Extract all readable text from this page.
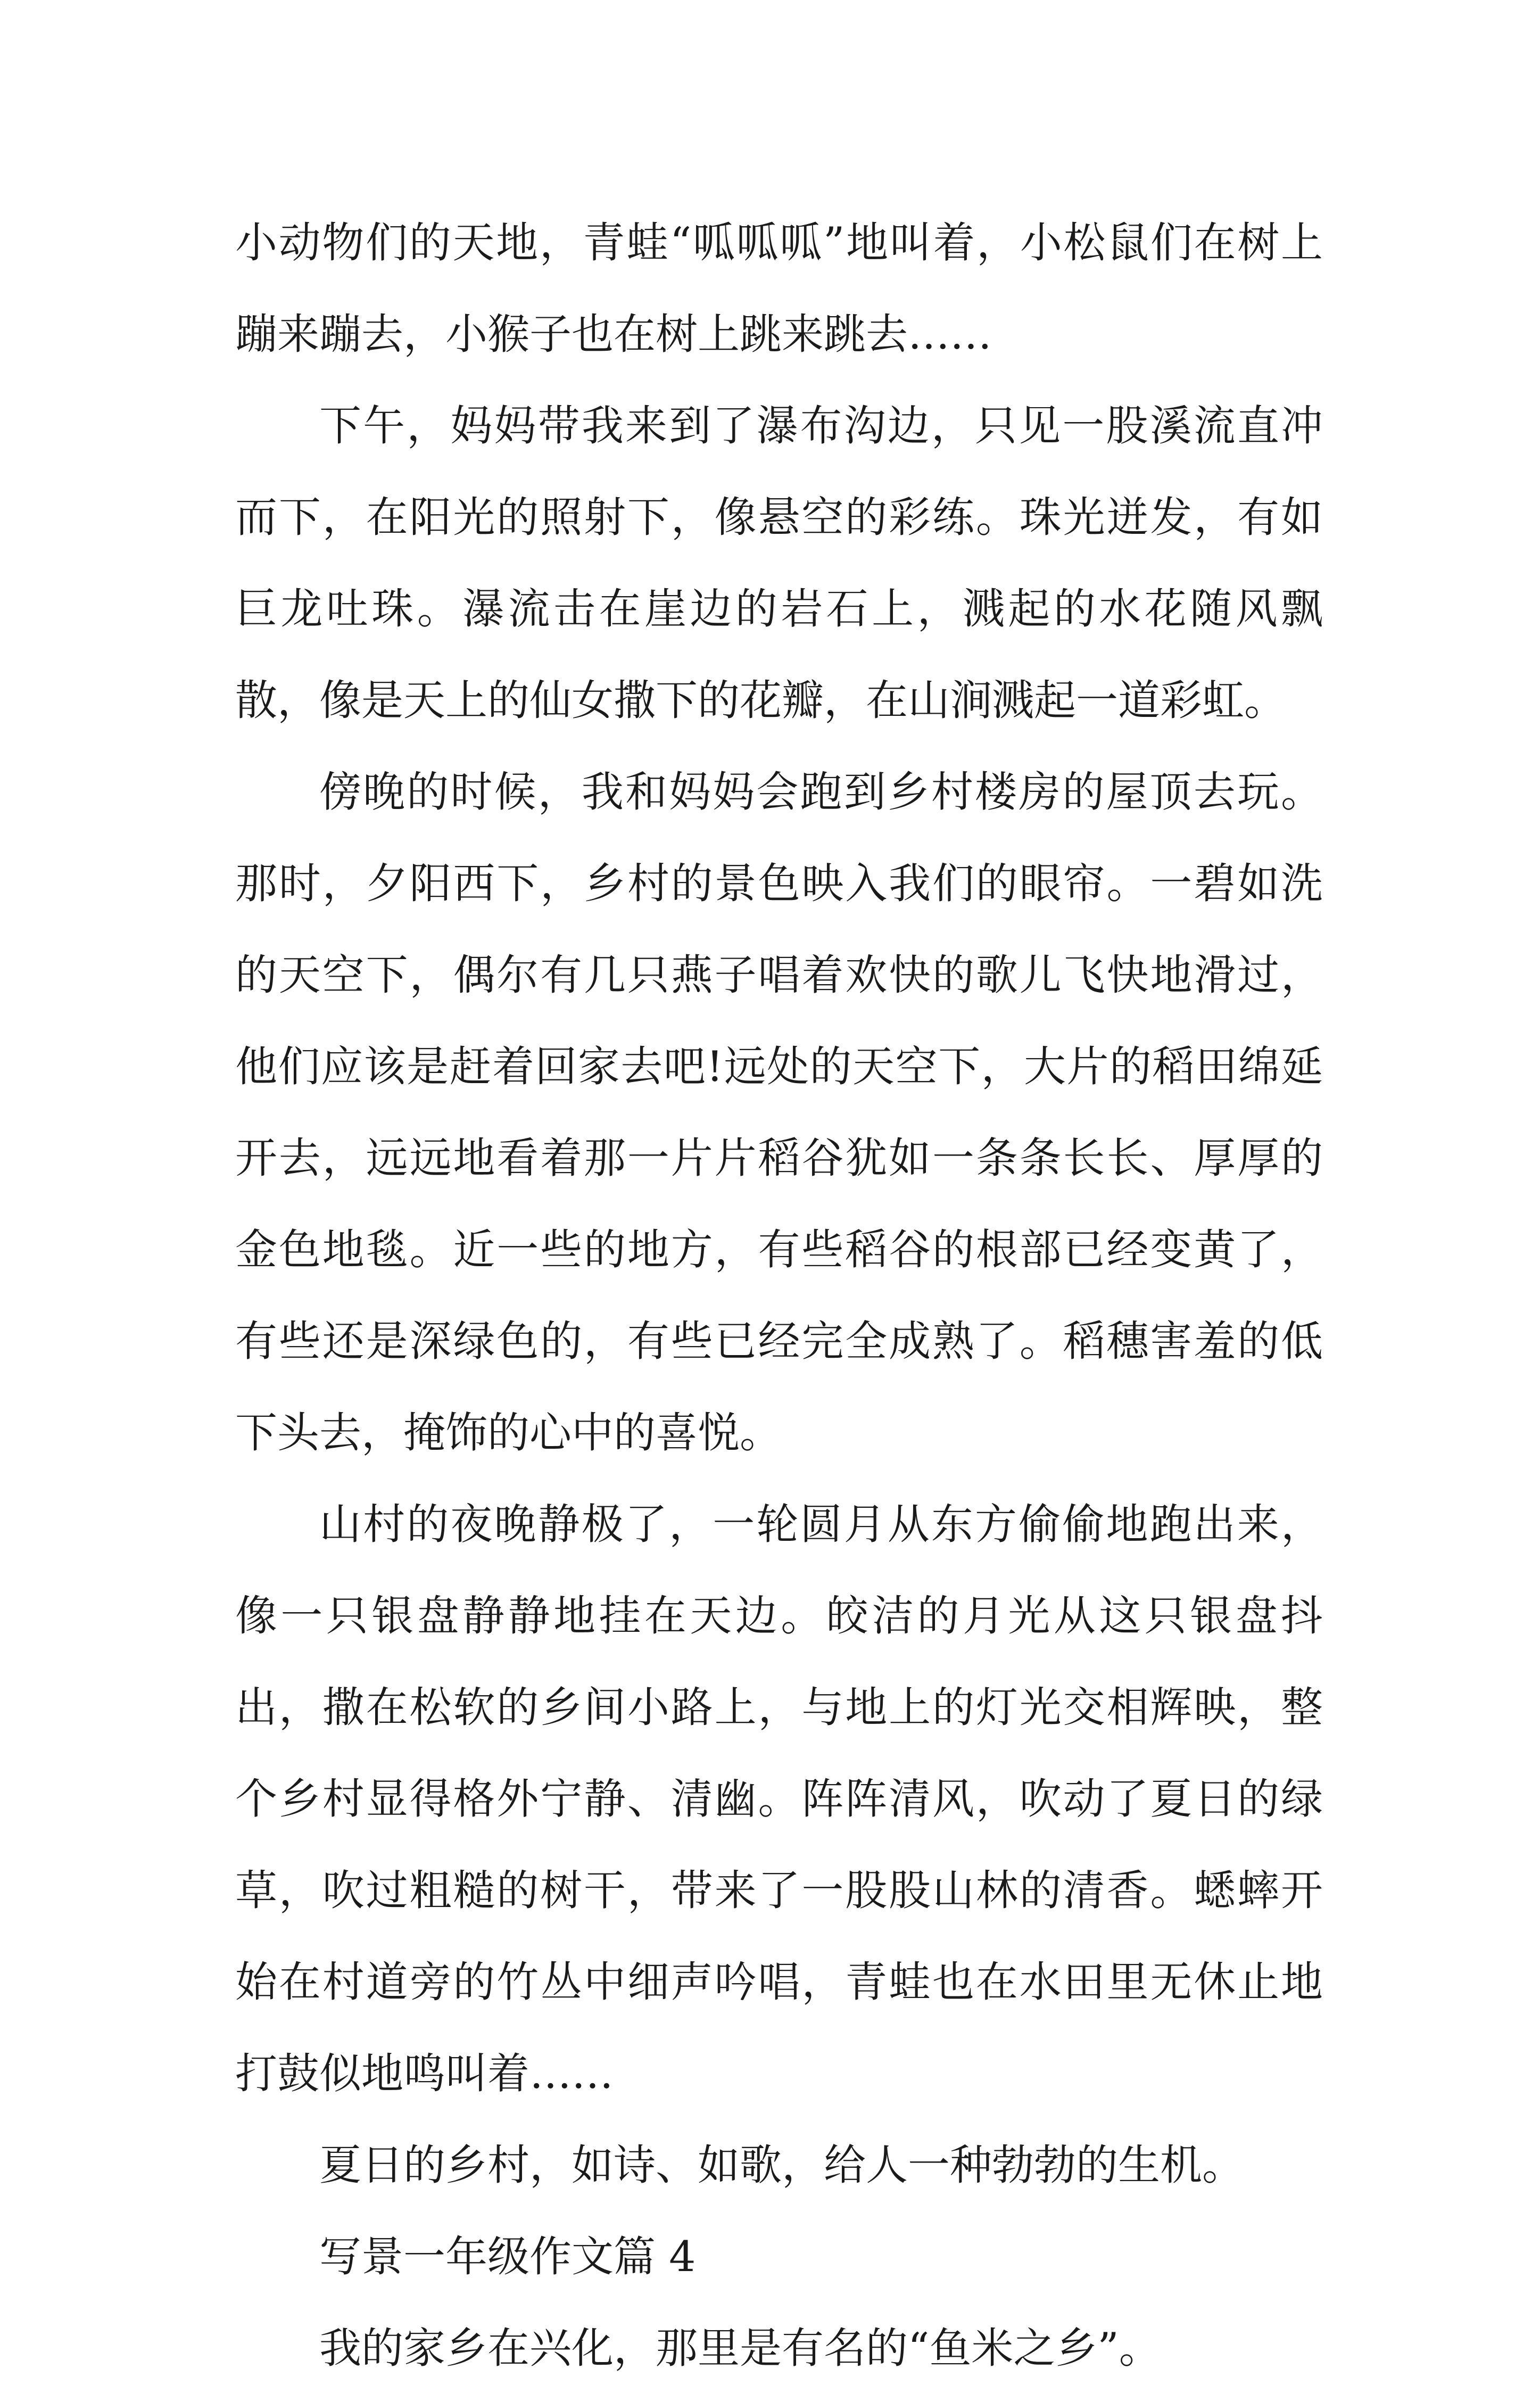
小动物们的天地，青蛙“呱呱呱”地叫着，小松鼠们在树上蹦来蹦去，小猴子也在树上跳来跳去……

下午，妈妈带我来到了瀑布沟边，只见一股溪流直冲而下，在阳光的照射下，像悬空的彩练。珠光迸发，有如巨龙吐珠。瀑流击在崖边的岩石上，溅起的水花随风飘散，像是天上的仙女撒下的花瓣，在山涧溅起一道彩虹。

傍晚的时候，我和妈妈会跑到乡村楼房的屋顶去玩。那时，夕阳西下，乡村的景色映入我们的眼帘。一碧如洗的天空下，偶尔有几只燕子唱着欢快的歌儿飞快地滑过，他们应该是赶着回家去吧!远处的天空下，大片的稻田绵延开去，远远地看着那一片片稻谷犹如一条条长长、厚厚的金色地毯。近一些的地方，有些稻谷的根部已经变黄了，有些还是深绿色的，有些已经完全成熟了。稻穗害羞的低下头去，掩饰的心中的喜悦。

山村的夜晚静极了，一轮圆月从东方偷偷地跑出来，像一只银盘静静地挂在天边。皎洁的月光从这只银盘抖出，撒在松软的乡间小路上，与地上的灯光交相辉映，整个乡村显得格外宁静、清幽。阵阵清风，吹动了夏日的绿草，吹过粗糙的树干，带来了一股股山林的清香。蟋蟀开始在村道旁的竹丛中细声吟唱，青蛙也在水田里无休止地打鼓似地鸣叫着……

夏日的乡村，如诗、如歌，给人一种勃勃的生机。

写景一年级作文篇 4

我的家乡在兴化，那里是有名的“鱼米之乡”。
